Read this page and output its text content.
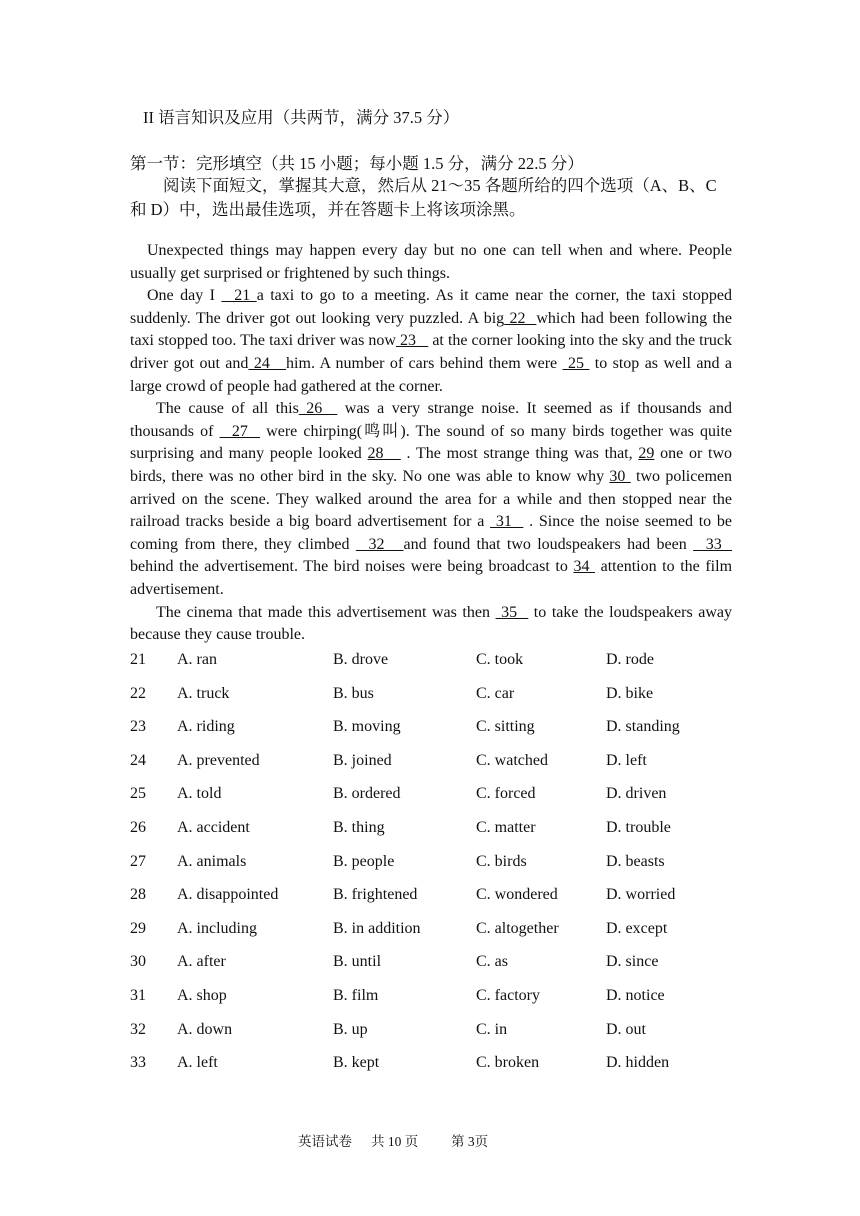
II 语言知识及应用（共两节，满分 37.5 分）
第一节：完形填空（共 15 小题；每小题 1.5 分，满分 22.5 分）
阅读下面短文，掌握其大意，然后从 21～35 各题所给的四个选项（A、B、C 和 D）中，选出最佳选项，并在答题卡上将该项涂黑。

Unexpected things may happen every day but no one can tell when and where. People usually get surprised or frightened by such things.

One day I   21 a taxi to go to a meeting. As it came near the corner, the taxi stopped suddenly. The driver got out looking very puzzled. A big 22  which had been following the taxi stopped too. The taxi driver was now 23    at the corner looking into the sky and the truck driver got out and 24   him. A number of cars behind them were  25  to stop as well and a large crowd of people had gathered at the corner.

The cause of all this 26   was a very strange noise. It seemed as if thousands and thousands of   27   were chirping(鸣叫). The sound of so many birds together was quite surprising and many people looked 28    . The most strange thing was that, 29 one or two birds, there was no other bird in the sky. No one was able to know why 30  two policemen arrived on the scene. They walked around the area for a while and then stopped near the railroad tracks beside a big board advertisement for a  31   . Since the noise seemed to be coming from there, they climbed   32   and found that two loudspeakers had been   33   behind the advertisement. The bird noises were being broadcast to 34  attention to the film advertisement.

The cinema that made this advertisement was then  35   to take the loudspeakers away because they cause trouble.

21 A. ran	B. drove	C. took	D. rode
22 A. truck	B. bus	C. car	D. bike
23 A. riding	B. moving	C. sitting	D. standing
24 A. prevented	B. joined	C. watched	D. left
25 A. told	B. ordered	C. forced	D. driven
26 A. accident	B. thing	C. matter	D. trouble
27 A. animals	B. people	C. birds	D. beasts
28 A. disappointed	B. frightened	C. wondered	D. worried
29 A. including	B. in addition	C. altogether	D. except
30 A. after	B. until	C. as	D. since
31 A. shop	B. film	C. factory	D. notice
32 A. down	B. up	C. in	D. out
33 A. left	B. kept	C. broken	D. hidden
英语试卷 共 10 页 第 3页
